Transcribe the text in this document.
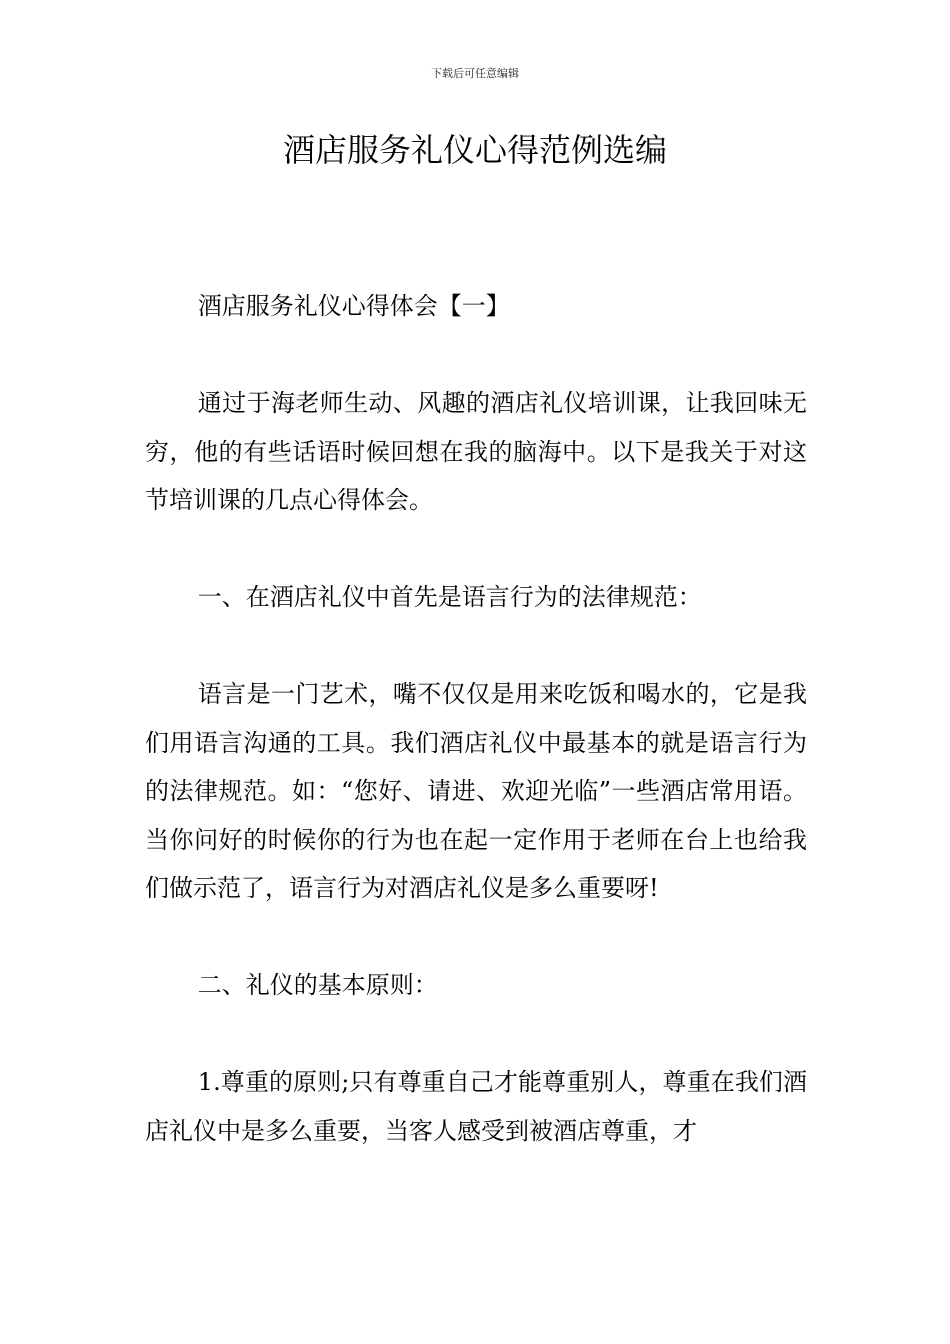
下载后可任意编辑
酒店服务礼仪心得范例选编

酒店服务礼仪心得体会【一】

通过于海老师生动、风趣的酒店礼仪培训课，让我回味无穷，他的有些话语时候回想在我的脑海中。以下是我关于对这节培训课的几点心得体会。

一、在酒店礼仪中首先是语言行为的法律规范：

语言是一门艺术，嘴不仅仅是用来吃饭和喝水的，它是我们用语言沟通的工具。我们酒店礼仪中最基本的就是语言行为的法律规范。如：“您好、请进、欢迎光临”一些酒店常用语。当你问好的时候你的行为也在起一定作用于老师在台上也给我们做示范了，语言行为对酒店礼仪是多么重要呀!

二、礼仪的基本原则：

1.尊重的原则;只有尊重自己才能尊重别人，尊重在我们酒店礼仪中是多么重要，当客人感受到被酒店尊重，才
